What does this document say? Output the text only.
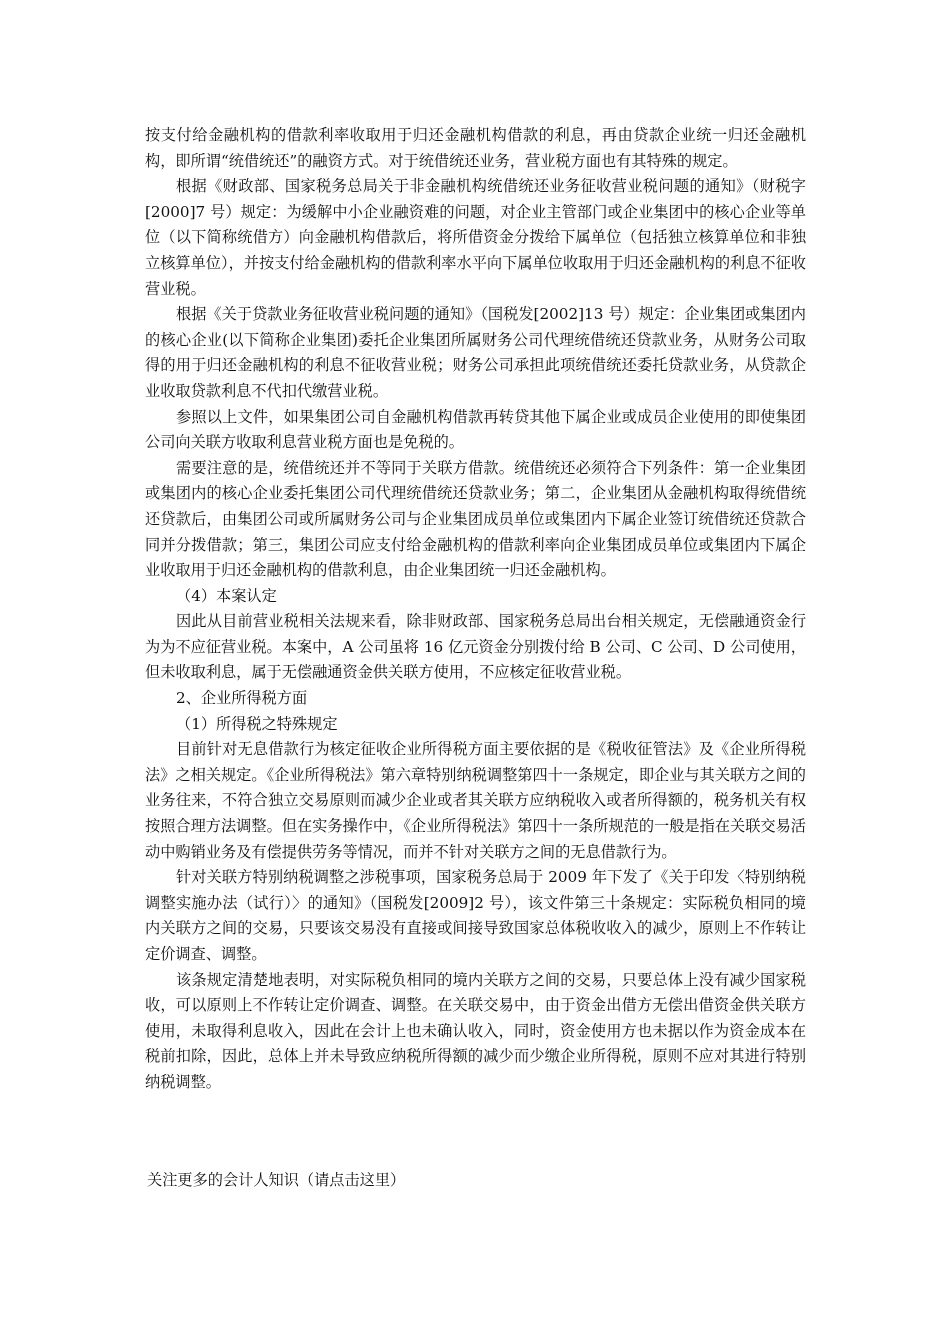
按支付给金融机构的借款利率收取用于归还金融机构借款的利息，再由贷款企业统一归还金融机构，即所谓“统借统还”的融资方式。对于统借统还业务，营业税方面也有其特殊的规定。

根据《财政部、国家税务总局关于非金融机构统借统还业务征收营业税问题的通知》（财税字[2000]7 号）规定：为缓解中小企业融资难的问题，对企业主管部门或企业集团中的核心企业等单位（以下简称统借方）向金融机构借款后，将所借资金分拨给下属单位（包括独立核算单位和非独立核算单位），并按支付给金融机构的借款利率水平向下属单位收取用于归还金融机构的利息不征收营业税。

根据《关于贷款业务征收营业税问题的通知》（国税发[2002]13 号）规定：企业集团或集团内的核心企业(以下简称企业集团)委托企业集团所属财务公司代理统借统还贷款业务，从财务公司取得的用于归还金融机构的利息不征收营业税；财务公司承担此项统借统还委托贷款业务，从贷款企业收取贷款利息不代扣代缴营业税。

参照以上文件，如果集团公司自金融机构借款再转贷其他下属企业或成员企业使用的即使集团公司向关联方收取利息营业税方面也是免税的。

需要注意的是，统借统还并不等同于关联方借款。统借统还必须符合下列条件：第一企业集团或集团内的核心企业委托集团公司代理统借统还贷款业务；第二，企业集团从金融机构取得统借统还贷款后，由集团公司或所属财务公司与企业集团成员单位或集团内下属企业签订统借统还贷款合同并分拨借款；第三，集团公司应支付给金融机构的借款利率向企业集团成员单位或集团内下属企业收取用于归还金融机构的借款利息，由企业集团统一归还金融机构。

（4）本案认定

因此从目前营业税相关法规来看，除非财政部、国家税务总局出台相关规定，无偿融通资金行为为不应征营业税。本案中，A 公司虽将 16 亿元资金分别拨付给 B 公司、C 公司、D 公司使用，但未收取利息，属于无偿融通资金供关联方使用，不应核定征收营业税。

2、企业所得税方面

（1）所得税之特殊规定

目前针对无息借款行为核定征收企业所得税方面主要依据的是《税收征管法》及《企业所得税法》之相关规定。《企业所得税法》第六章特别纳税调整第四十一条规定，即企业与其关联方之间的业务往来，不符合独立交易原则而减少企业或者其关联方应纳税收入或者所得额的，税务机关有权按照合理方法调整。但在实务操作中，《企业所得税法》第四十一条所规范的一般是指在关联交易活动中购销业务及有偿提供劳务等情况，而并不针对关联方之间的无息借款行为。

针对关联方特别纳税调整之涉税事项，国家税务总局于 2009 年下发了《关于印发〈特别纳税调整实施办法（试行）〉的通知》（国税发[2009]2 号），该文件第三十条规定：实际税负相同的境内关联方之间的交易，只要该交易没有直接或间接导致国家总体税收收入的减少，原则上不作转让定价调查、调整。

该条规定清楚地表明，对实际税负相同的境内关联方之间的交易，只要总体上没有减少国家税收，可以原则上不作转让定价调查、调整。在关联交易中，由于资金出借方无偿出借资金供关联方使用，未取得利息收入，因此在会计上也未确认收入，同时，资金使用方也未据以作为资金成本在税前扣除，因此，总体上并未导致应纳税所得额的减少而少缴企业所得税，原则不应对其进行特别纳税调整。

关注更多的会计人知识（请点击这里）
